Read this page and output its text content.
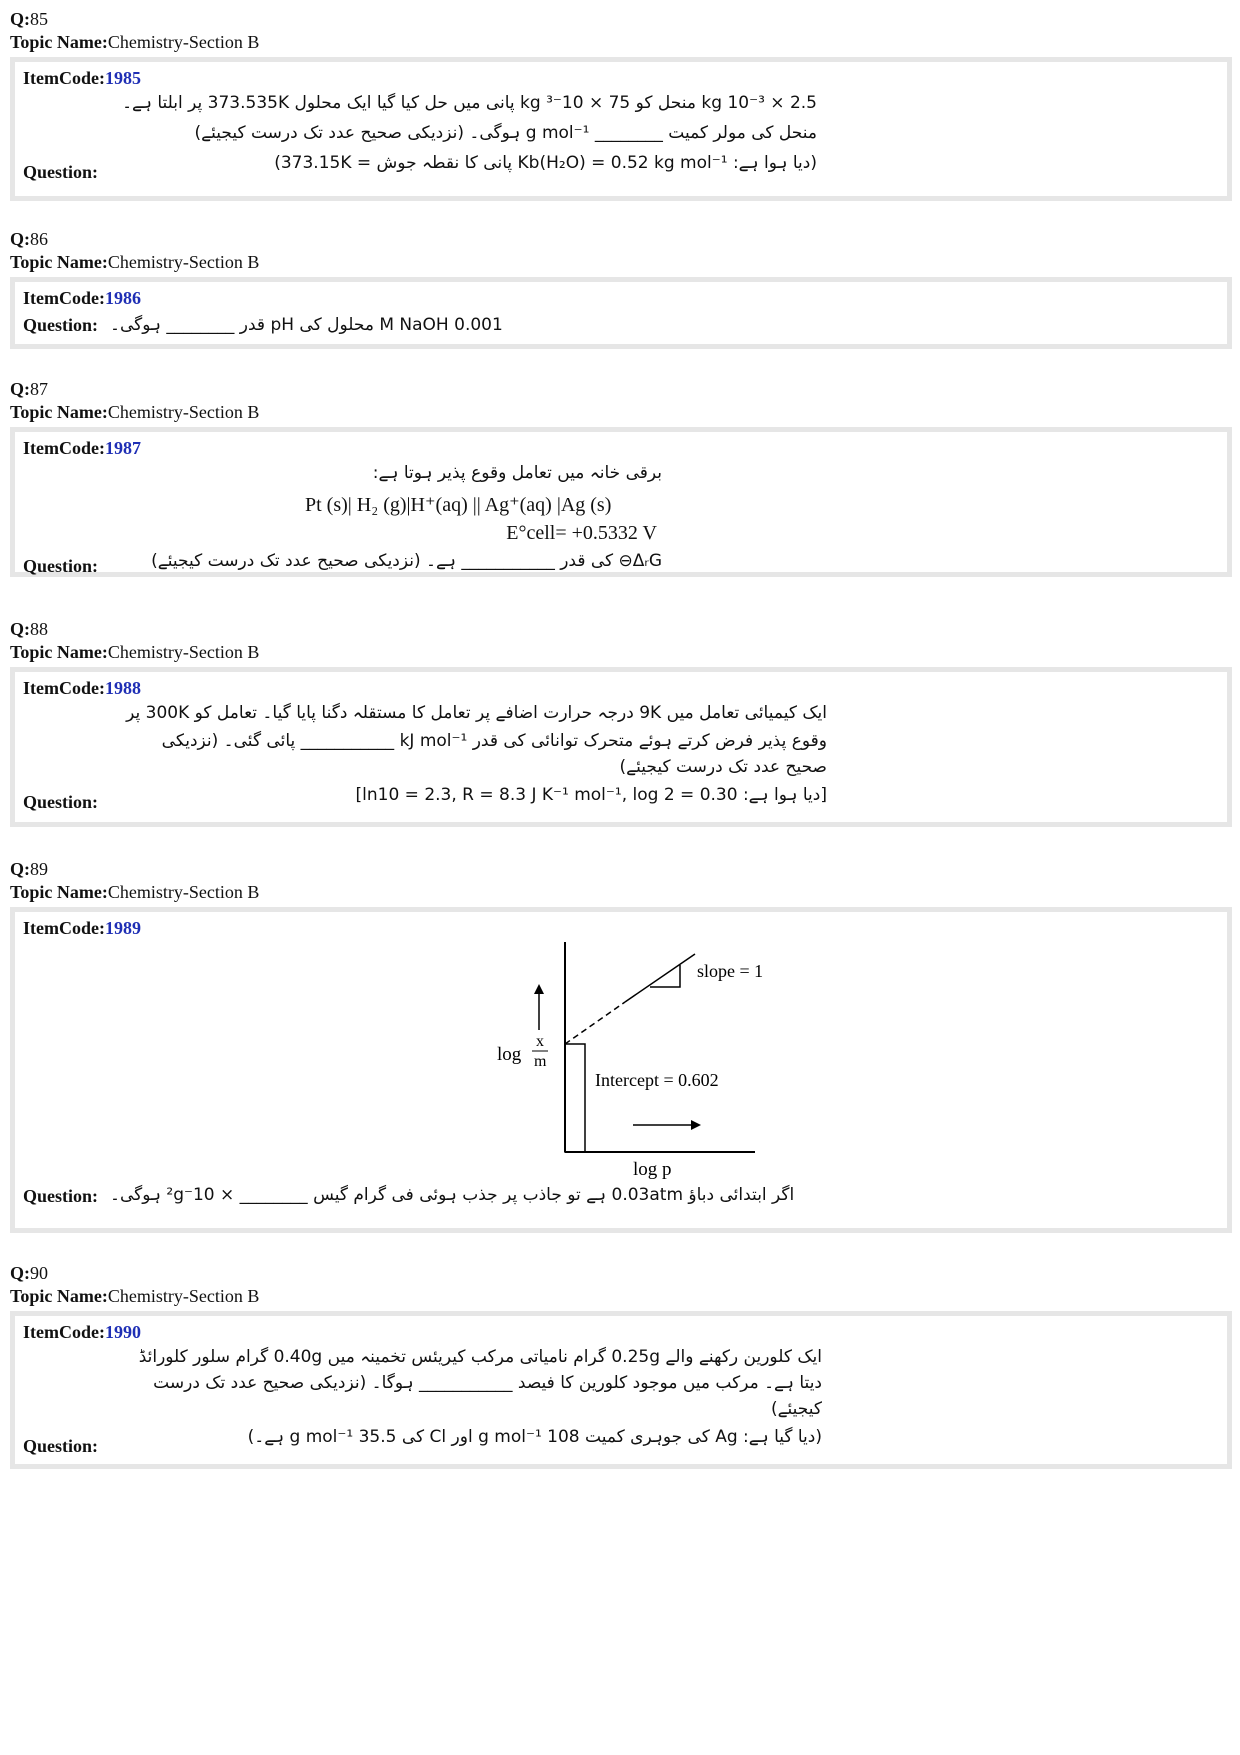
Q:85
Topic Name:Chemistry-Section B
ItemCode:1985
2.5 × 10⁻³ kg منحل کو 75 × 10⁻³ kg پانی میں حل کیا گیا ایک محلول 373.535K پر ابلتا ہے۔
منحل کی مولر کمیت ________ g mol⁻¹ ہوگی۔ (نزدیکی صحیح عدد تک درست کیجیئے)
(دیا ہوا ہے: Kb(H₂O) = 0.52 kg mol⁻¹ پانی کا نقطہ جوش = 373.15K)
Question:
Q:86
Topic Name:Chemistry-Section B
ItemCode:1986
Question: 0.001 M NaOH محلول کی pH قدر ________ ہوگی۔
Q:87
Topic Name:Chemistry-Section B
ItemCode:1987
برقی خانہ میں تعامل وقوع پذیر ہوتا ہے:
Pt (s)| H₂ (g)|H⁺(aq) || Ag⁺(aq) |Ag (s)
E°cell= +0.5332 V
ΔᵣG⊖ کی قدر ___________ ہے۔ (نزدیکی صحیح عدد تک درست کیجیئے)
Question:
Q:88
Topic Name:Chemistry-Section B
ItemCode:1988
ایک کیمیائی تعامل میں 9K درجہ حرارت اضافے پر تعامل کا مستقلہ دگنا پایا گیا۔ تعامل کو 300K پر
وقوع پذیر فرض کرتے ہوئے متحرک توانائی کی قدر kJ mol⁻¹ ___________ پائی گئی۔ (نزدیکی
صحیح عدد تک درست کیجیئے)
[دیا ہوا ہے: ln10 = 2.3, R = 8.3 J K⁻¹ mol⁻¹, log 2 = 0.30]
Question:
Q:89
Topic Name:Chemistry-Section B
ItemCode:1989
slope = 1
Intercept = 0.602
log
x
m
log p
Question: اگر ابتدائی دباؤ 0.03atm ہے تو جاذب پر جذب ہوئی فی گرام گیس ________ × 10⁻²g ہوگی۔
Q:90
Topic Name:Chemistry-Section B
ItemCode:1990
ایک کلورین رکھنے والے 0.25g گرام نامیاتی مرکب کیریئس تخمینہ میں 0.40g گرام سلور کلورائڈ
دیتا ہے۔ مرکب میں موجود کلورین کا فیصد ___________ ہوگا۔ (نزدیکی صحیح عدد تک درست
کیجیئے)
(دیا گیا ہے: Ag کی جوہری کمیت 108 g mol⁻¹ اور Cl کی 35.5 g mol⁻¹ ہے۔)
Question:
